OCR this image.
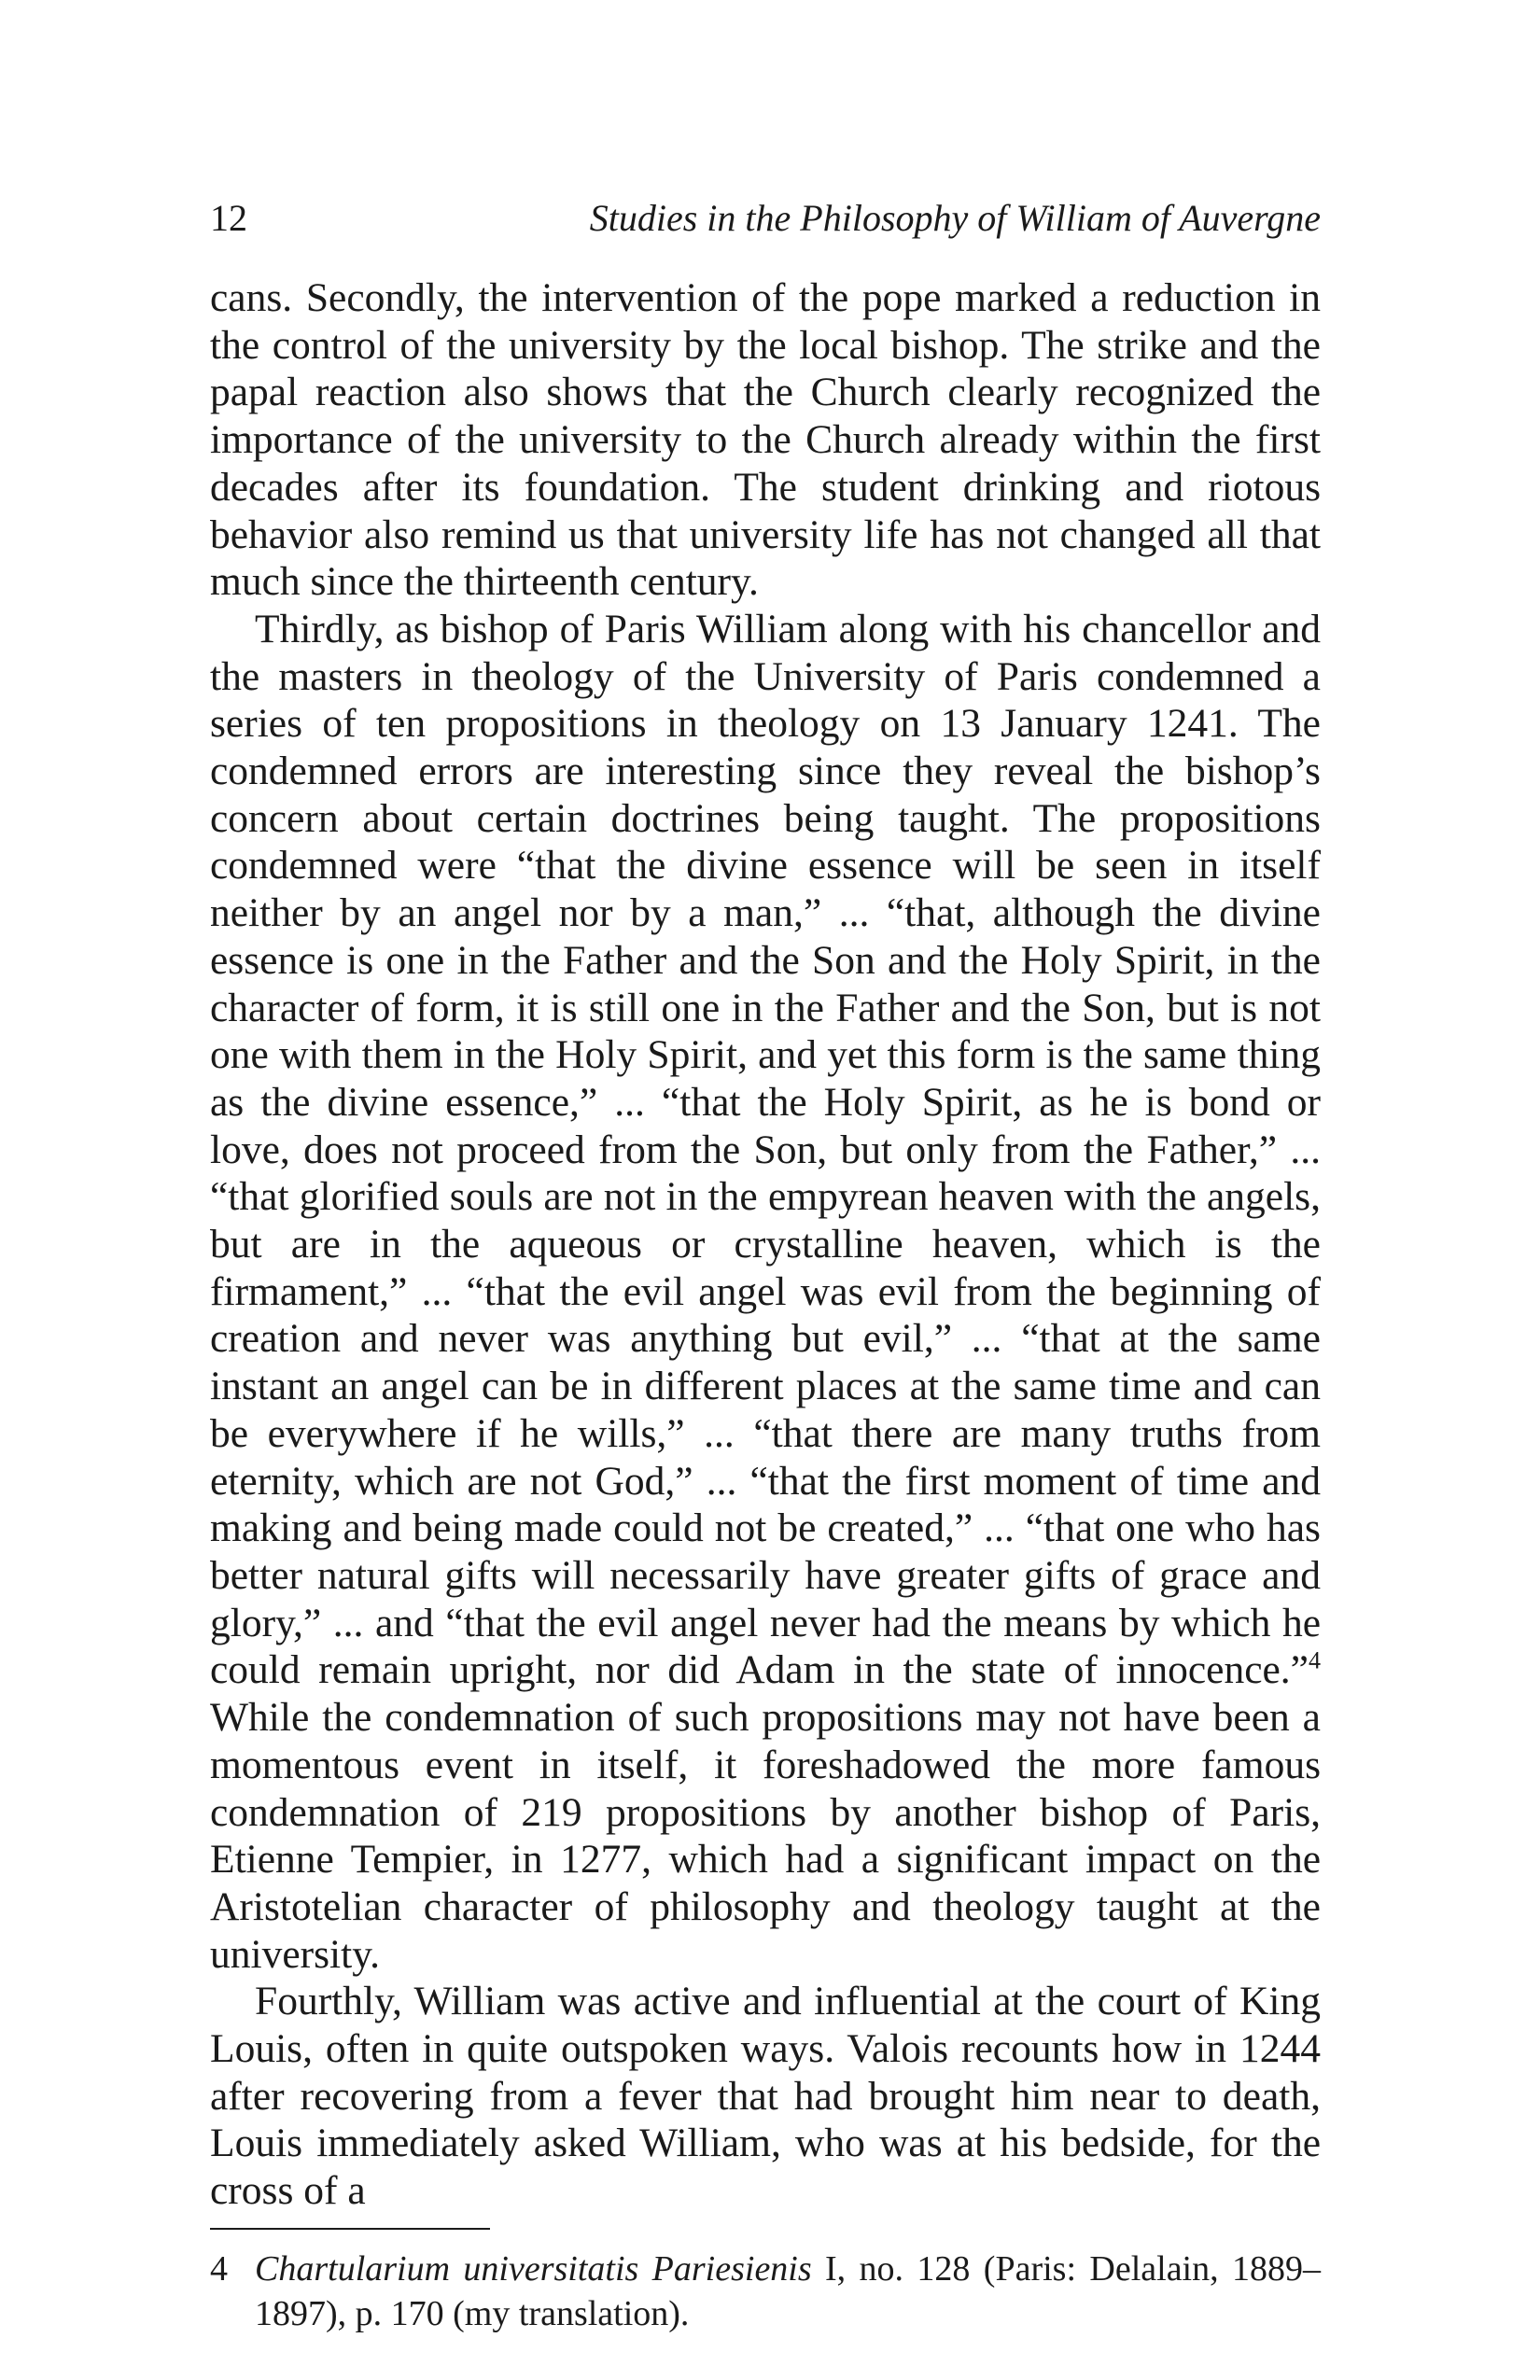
12	Studies in the Philosophy of William of Auvergne

cans. Secondly, the intervention of the pope marked a reduction in the control of the university by the local bishop. The strike and the papal reaction also shows that the Church clearly recognized the importance of the university to the Church already within the first decades after its foundation. The student drinking and riotous behavior also remind us that university life has not changed all that much since the thirteenth century.

Thirdly, as bishop of Paris William along with his chancellor and the masters in theology of the University of Paris condemned a series of ten propositions in theology on 13 January 1241. The condemned errors are interesting since they reveal the bishop’s concern about certain doctrines being taught. The propositions condemned were “that the divine essence will be seen in itself neither by an angel nor by a man,” ... “that, although the divine essence is one in the Father and the Son and the Holy Spirit, in the character of form, it is still one in the Father and the Son, but is not one with them in the Holy Spirit, and yet this form is the same thing as the divine essence,” ... “that the Holy Spirit, as he is bond or love, does not proceed from the Son, but only from the Father,” ... “that glorified souls are not in the empyrean heaven with the angels, but are in the aqueous or crystalline heaven, which is the firmament,” ... “that the evil angel was evil from the beginning of creation and never was anything but evil,” ... “that at the same instant an angel can be in different places at the same time and can be everywhere if he wills,” ... “that there are many truths from eternity, which are not God,” ... “that the first moment of time and making and being made could not be created,” ... “that one who has better natural gifts will necessarily have greater gifts of grace and glory,” ... and “that the evil angel never had the means by which he could remain upright, nor did Adam in the state of innocence.”$^4$ While the condemnation of such propositions may not have been a momentous event in itself, it foreshadowed the more famous condemnation of 219 propositions by another bishop of Paris, Etienne Tempier, in 1277, which had a significant impact on the Aristotelian character of philosophy and theology taught at the university.

Fourthly, William was active and influential at the court of King Louis, often in quite outspoken ways. Valois recounts how in 1244 after recovering from a fever that had brought him near to death, Louis immediately asked William, who was at his bedside, for the cross of a

4 Chartularium universitatis Pariesienis I, no. 128 (Paris: Delalain, 1889–1897), p. 170 (my translation).
